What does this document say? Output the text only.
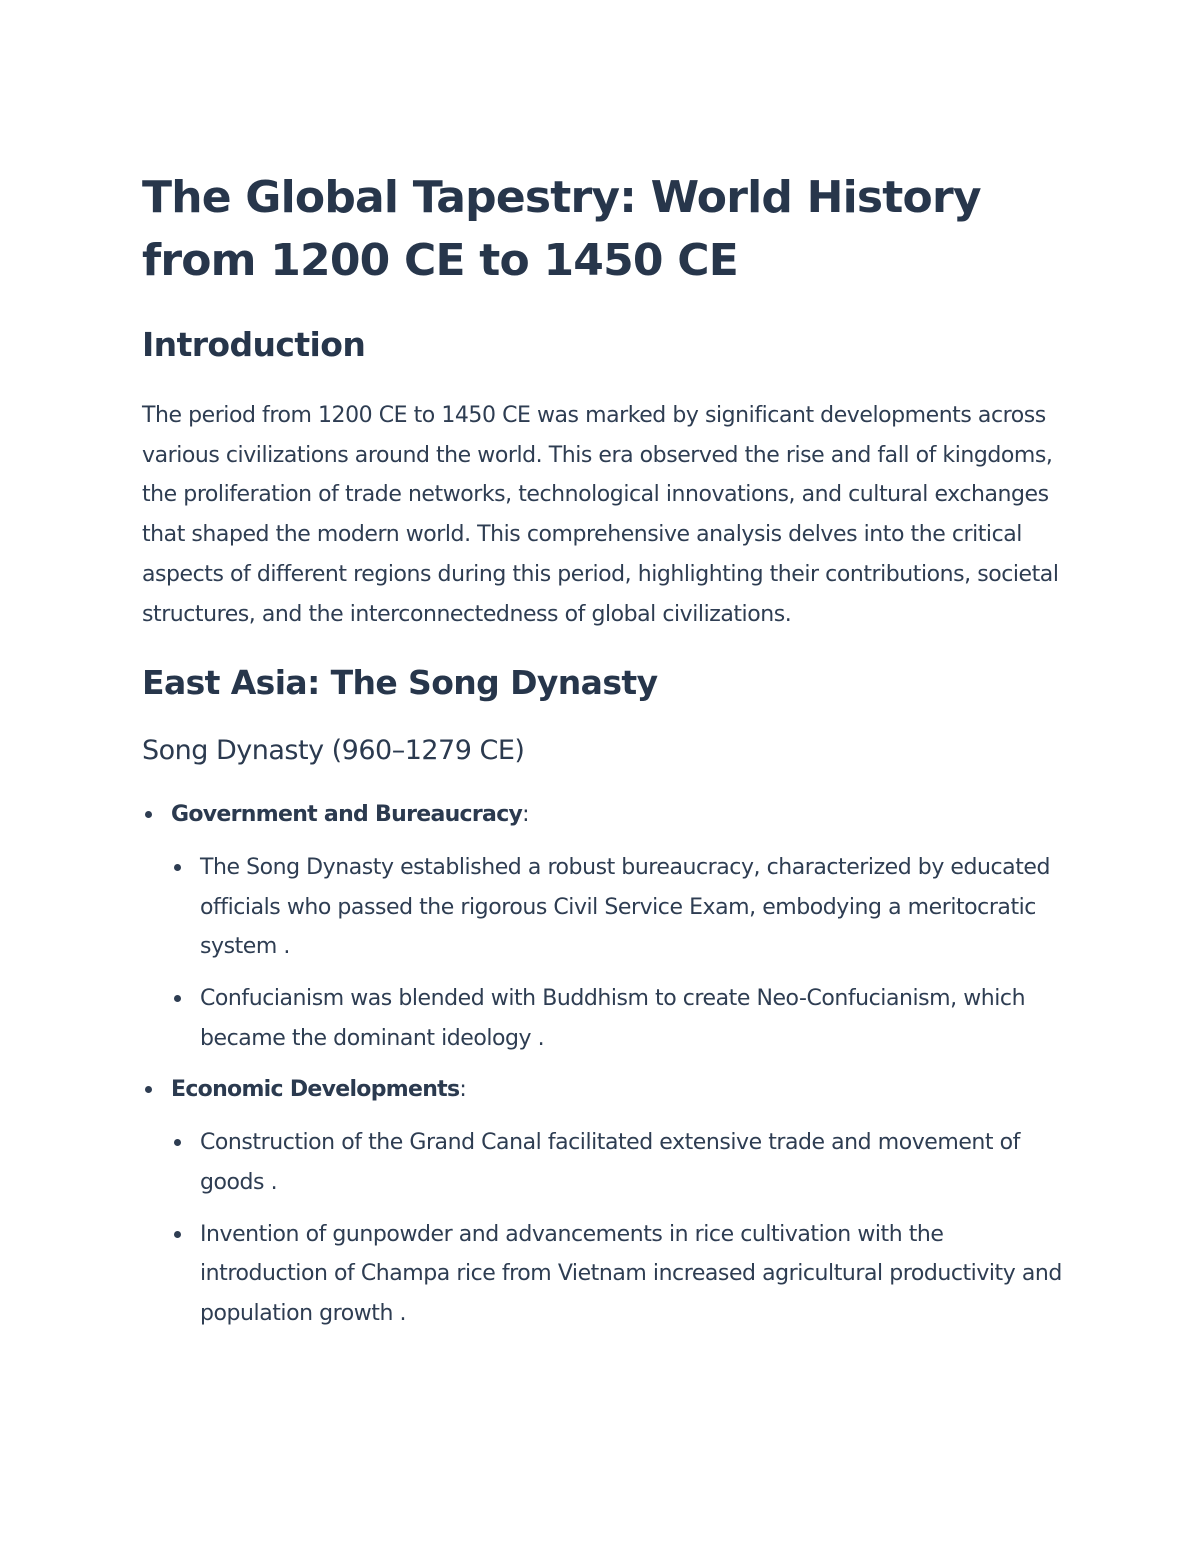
The Global Tapestry: World History from 1200 CE to 1450 CE
Introduction

The period from 1200 CE to 1450 CE was marked by significant developments across various civilizations around the world. This era observed the rise and fall of kingdoms, the proliferation of trade networks, technological innovations, and cultural exchanges that shaped the modern world. This comprehensive analysis delves into the critical aspects of different regions during this period, highlighting their contributions, societal structures, and the interconnectedness of global civilizations.

East Asia: The Song Dynasty
Song Dynasty (960–1279 CE)
Government and Bureaucracy:
The Song Dynasty established a robust bureaucracy, characterized by educated officials who passed the rigorous Civil Service Exam, embodying a meritocratic system .
Confucianism was blended with Buddhism to create Neo-Confucianism, which became the dominant ideology .
Economic Developments:
Construction of the Grand Canal facilitated extensive trade and movement of goods .
Invention of gunpowder and advancements in rice cultivation with the introduction of Champa rice from Vietnam increased agricultural productivity and population growth .
